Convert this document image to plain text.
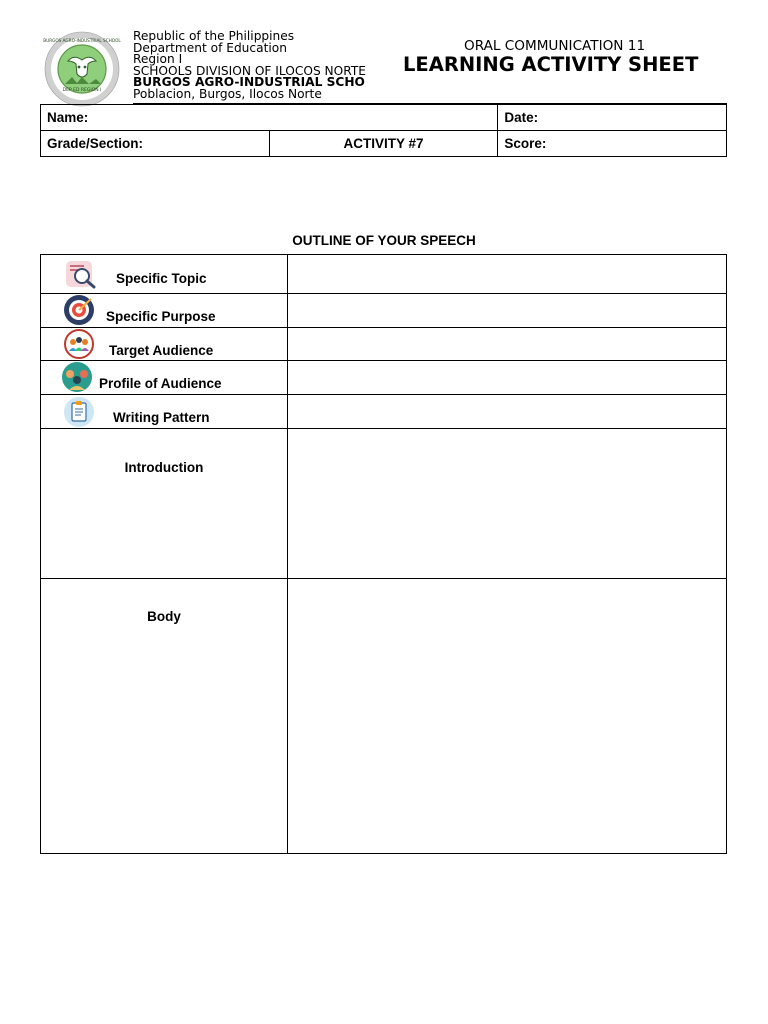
DEP ED REGION I
BURGOS AGRO-INDUSTRIAL SCHOOL Republic of the Philippines
Department of Education
Region I
SCHOOLS DIVISION OF ILOCOS NORTE
BURGOS AGRO-INDUSTRIAL SCHO
Poblacion, Burgos, Ilocos Norte
ORAL COMMUNICATION 11
LEARNING ACTIVITY SHEET
Name:		Date:
Grade/Section:	ACTIVITY #7	Score:
OUTLINE OF YOUR SPEECH
Specific Topic	

Specific Purpose	

Target Audience	

Profile of Audience	

Writing Pattern	

Introduction	

Body	
